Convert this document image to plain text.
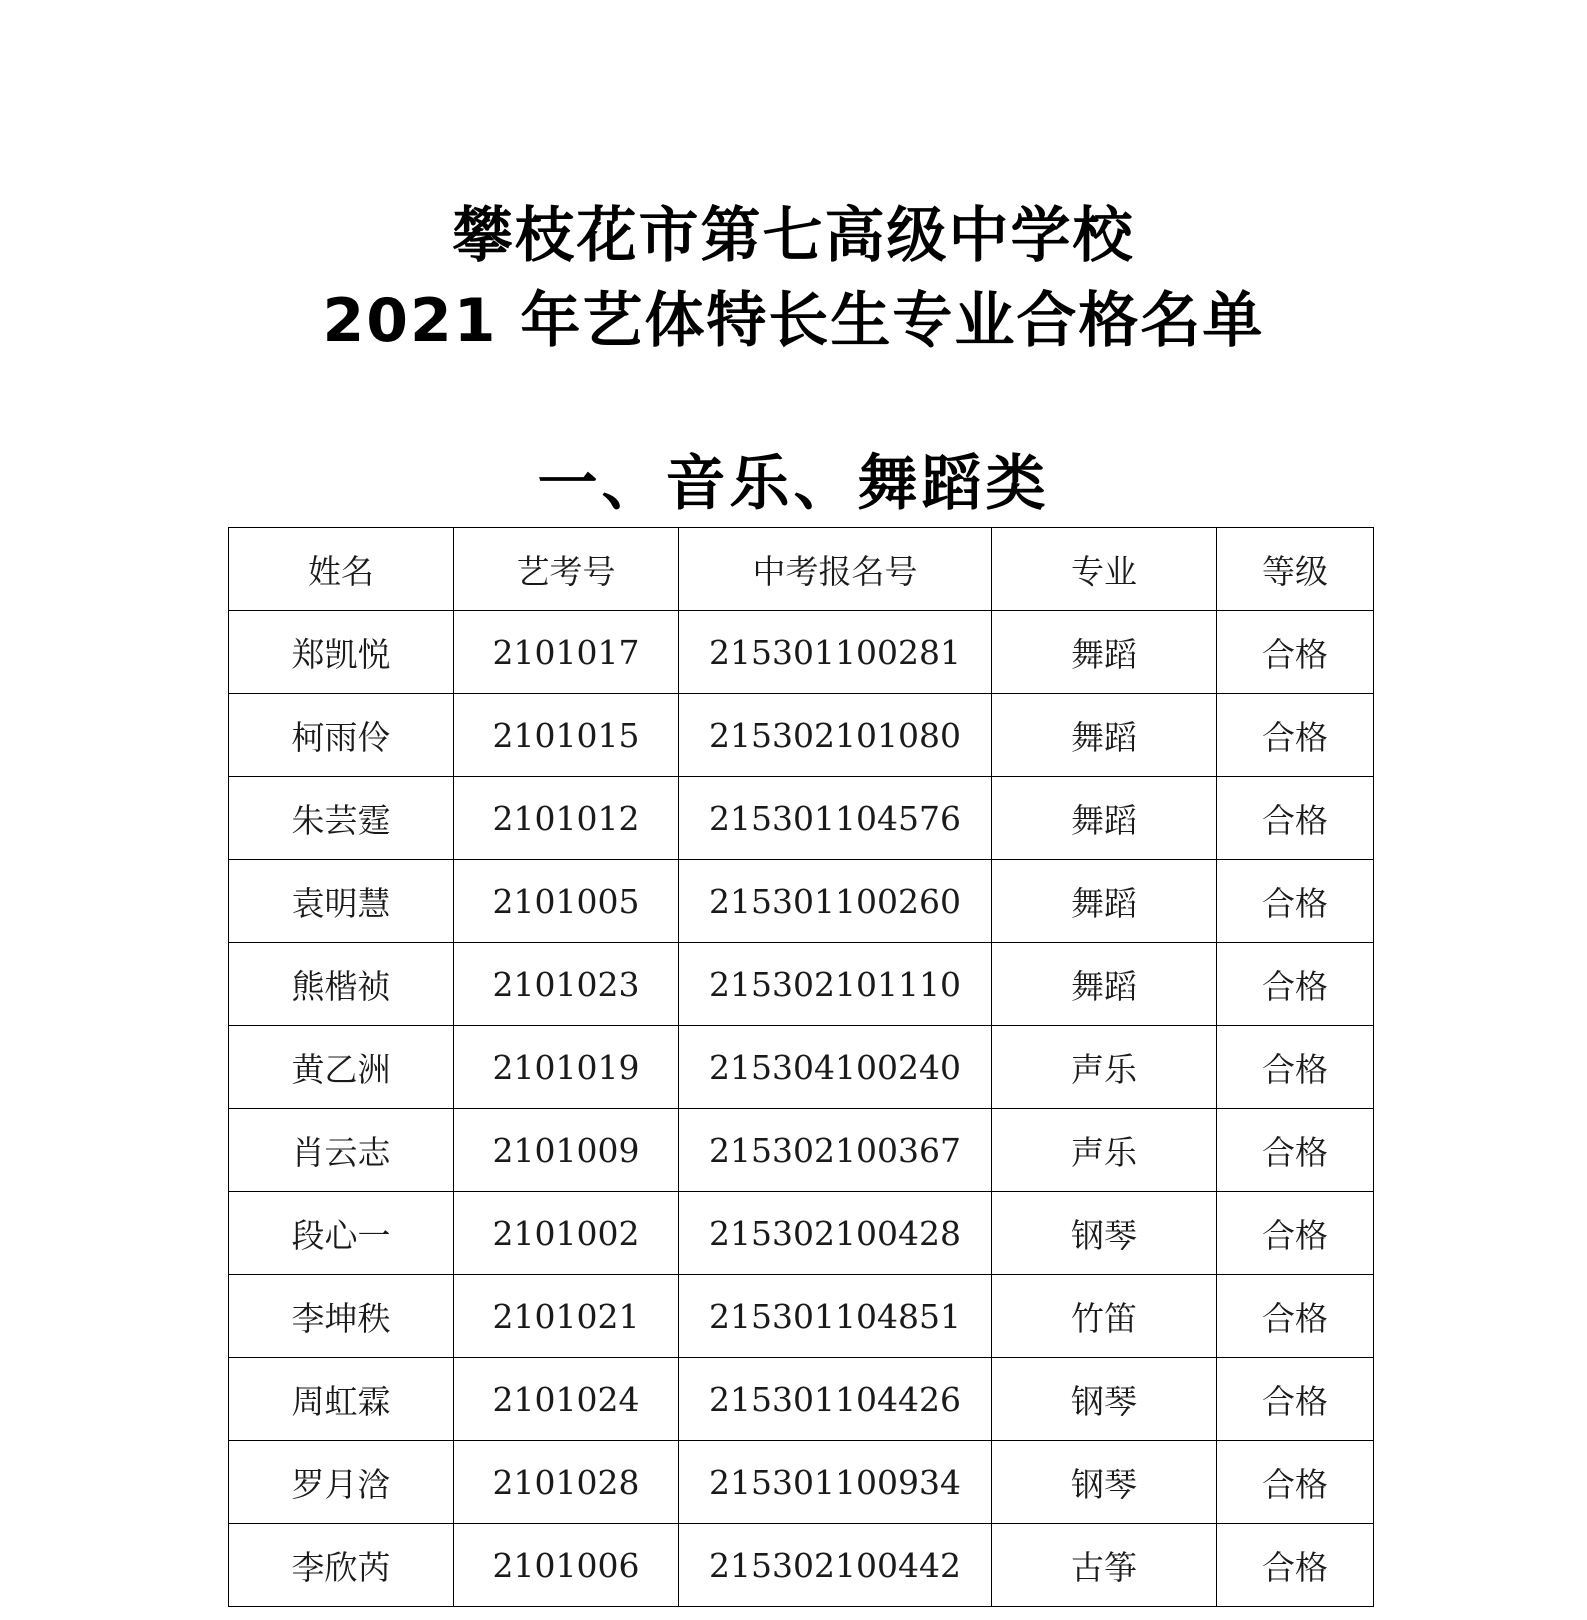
攀枝花市第七高级中学校
2021 年艺体特长生专业合格名单
一、音乐、舞蹈类
姓名	艺考号	中考报名号	专业	等级
郑凯悦	2101017	215301100281	舞蹈	合格
柯雨伶	2101015	215302101080	舞蹈	合格
朱芸霆	2101012	215301104576	舞蹈	合格
袁明慧	2101005	215301100260	舞蹈	合格
熊楷祯	2101023	215302101110	舞蹈	合格
黄乙洲	2101019	215304100240	声乐	合格
肖云志	2101009	215302100367	声乐	合格
段心一	2101002	215302100428	钢琴	合格
李坤秩	2101021	215301104851	竹笛	合格
周虹霖	2101024	215301104426	钢琴	合格
罗月浛	2101028	215301100934	钢琴	合格
李欣芮	2101006	215302100442	古筝	合格
